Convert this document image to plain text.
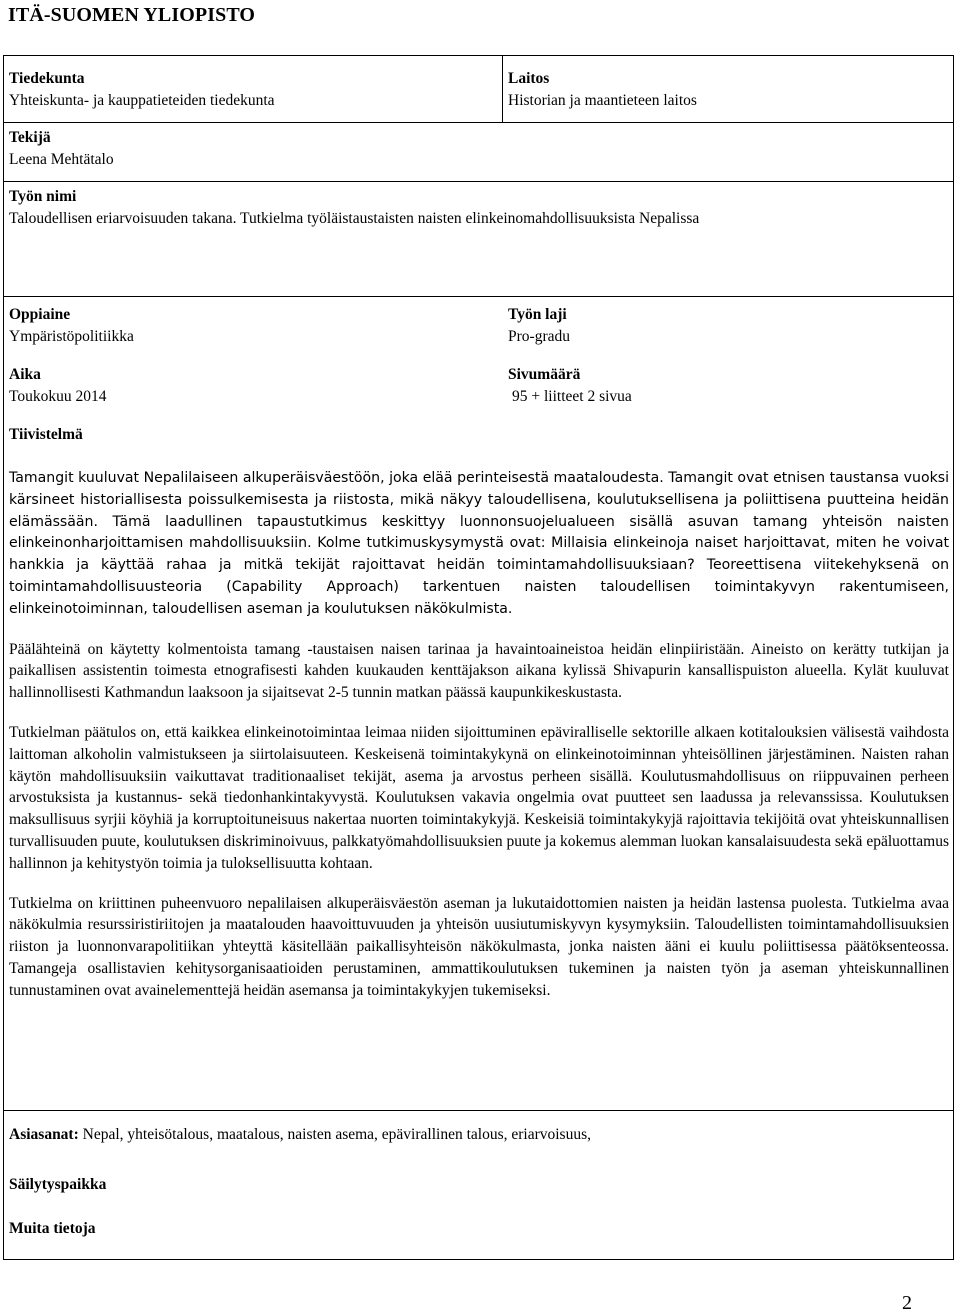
ITÄ-SUOMEN YLIOPISTO
Tiedekunta
Yhteiskunta- ja kauppatieteiden tiedekunta
Laitos
Historian ja maantieteen laitos
Tekijä
Leena Mehtätalo
Työn nimi
Taloudellisen eriarvoisuuden takana. Tutkielma työläistaustaisten naisten elinkeinomahdollisuuksista Nepalissa
Oppiaine
Ympäristöpolitiikka
Työn laji
Pro-gradu
Aika
Toukokuu 2014
Sivumäärä
95 + liitteet 2 sivua
Tiivistelmä

Tamangit kuuluvat Nepalilaiseen alkuperäisväestöön, joka elää perinteisestä maataloudesta. Tamangit ovat etnisen taustansa vuoksi kärsineet historiallisesta poissulkemisesta ja riistosta, mikä näkyy taloudellisena, koulutuksellisena ja poliittisena puutteina heidän elämässään. Tämä laadullinen tapaustutkimus keskittyy luonnonsuojelualueen sisällä asuvan tamang yhteisön naisten elinkeinonharjoittamisen mahdollisuuksiin. Kolme tutkimuskysymystä ovat: Millaisia elinkeinoja naiset harjoittavat, miten he voivat hankkia ja käyttää rahaa ja mitkä tekijät rajoittavat heidän toimintamahdollisuuksiaan? Teoreettisena viitekehyksenä on toimintamahdollisuusteoria (Capability Approach) tarkentuen naisten taloudellisen toimintakyvyn rakentumiseen, elinkeinotoiminnan, taloudellisen aseman ja koulutuksen näkökulmista.

Päälähteinä on käytetty kolmentoista tamang -taustaisen naisen tarinaa ja havaintoaineistoa heidän elinpiiristään. Aineisto on kerätty tutkijan ja paikallisen assistentin toimesta etnografisesti kahden kuukauden kenttäjakson aikana kylissä Shivapurin kansallispuiston alueella. Kylät kuuluvat hallinnollisesti Kathmandun laaksoon ja sijaitsevat 2-5 tunnin matkan päässä kaupunkikeskustasta.

Tutkielman päätulos on, että kaikkea elinkeinotoimintaa leimaa niiden sijoittuminen epäviralliselle sektorille alkaen kotitalouksien välisestä vaihdosta laittoman alkoholin valmistukseen ja siirtolaisuuteen. Keskeisenä toimintakykynä on elinkeinotoiminnan yhteisöllinen järjestäminen. Naisten rahan käytön mahdollisuuksiin vaikuttavat traditionaaliset tekijät, asema ja arvostus perheen sisällä. Koulutusmahdollisuus on riippuvainen perheen arvostuksista ja kustannus- sekä tiedonhankintakyvystä. Koulutuksen vakavia ongelmia ovat puutteet sen laadussa ja relevanssissa. Koulutuksen maksullisuus syrjii köyhiä ja korruptoituneisuus nakertaa nuorten toimintakykyjä. Keskeisiä toimintakykyjä rajoittavia tekijöitä ovat yhteiskunnallisen turvallisuuden puute, koulutuksen diskriminoivuus, palkkatyömahdollisuuksien puute ja kokemus alemman luokan kansalaisuudesta sekä epäluottamus hallinnon ja kehitystyön toimia ja tuloksellisuutta kohtaan.

Tutkielma on kriittinen puheenvuoro nepalilaisen alkuperäisväestön aseman ja lukutaidottomien naisten ja heidän lastensa puolesta. Tutkielma avaa näkökulmia resurssiristiriitojen ja maatalouden haavoittuvuuden ja yhteisön uusiutumiskyvyn kysymyksiin. Taloudellisten toimintamahdollisuuksien riiston ja luonnonvarapolitiikan yhteyttä käsitellään paikallisyhteisön näkökulmasta, jonka naisten ääni ei kuulu poliittisessa päätöksenteossa. Tamangeja osallistavien kehitysorganisaatioiden perustaminen, ammattikoulutuksen tukeminen ja naisten työn ja aseman yhteiskunnallinen tunnustaminen ovat avainelementtejä heidän asemansa ja toimintakykyjen tukemiseksi.

Asiasanat: Nepal, yhteisötalous, maatalous, naisten asema, epävirallinen talous, eriarvoisuus,
Säilytyspaikka
Muita tietoja
2
